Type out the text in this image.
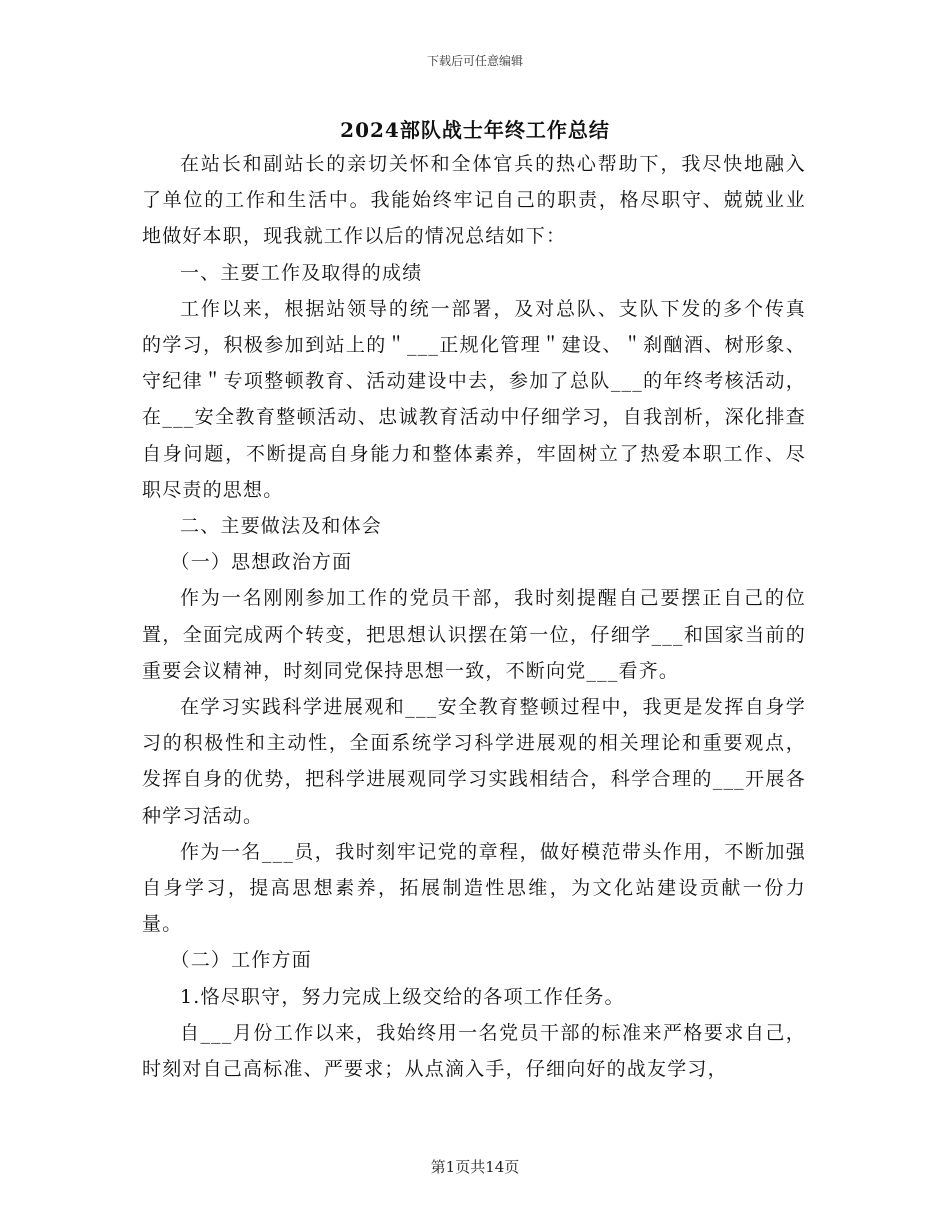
下载后可任意编辑
2024部队战士年终工作总结

在站长和副站长的亲切关怀和全体官兵的热心帮助下，我尽快地融入了单位的工作和生活中。我能始终牢记自己的职责，格尽职守、兢兢业业地做好本职，现我就工作以后的情况总结如下：

一、主要工作及取得的成绩

工作以来，根据站领导的统一部署，及对总队、支队下发的多个传真的学习，积极参加到站上的＂___正规化管理＂建设、＂刹酗酒、树形象、守纪律＂专项整顿教育、活动建设中去，参加了总队___的年终考核活动，在___安全教育整顿活动、忠诚教育活动中仔细学习，自我剖析，深化排查自身问题，不断提高自身能力和整体素养，牢固树立了热爱本职工作、尽职尽责的思想。

二、主要做法及和体会

（一）思想政治方面

作为一名刚刚参加工作的党员干部，我时刻提醒自己要摆正自己的位置，全面完成两个转变，把思想认识摆在第一位，仔细学___和国家当前的重要会议精神，时刻同党保持思想一致，不断向党___看齐。

在学习实践科学进展观和___安全教育整顿过程中，我更是发挥自身学习的积极性和主动性，全面系统学习科学进展观的相关理论和重要观点，发挥自身的优势，把科学进展观同学习实践相结合，科学合理的___开展各种学习活动。

作为一名___员，我时刻牢记党的章程，做好模范带头作用，不断加强自身学习，提高思想素养，拓展制造性思维，为文化站建设贡献一份力量。

（二）工作方面

1.恪尽职守，努力完成上级交给的各项工作任务。

自___月份工作以来，我始终用一名党员干部的标准来严格要求自己，时刻对自己高标准、严要求；从点滴入手，仔细向好的战友学习，

第1页共14页
